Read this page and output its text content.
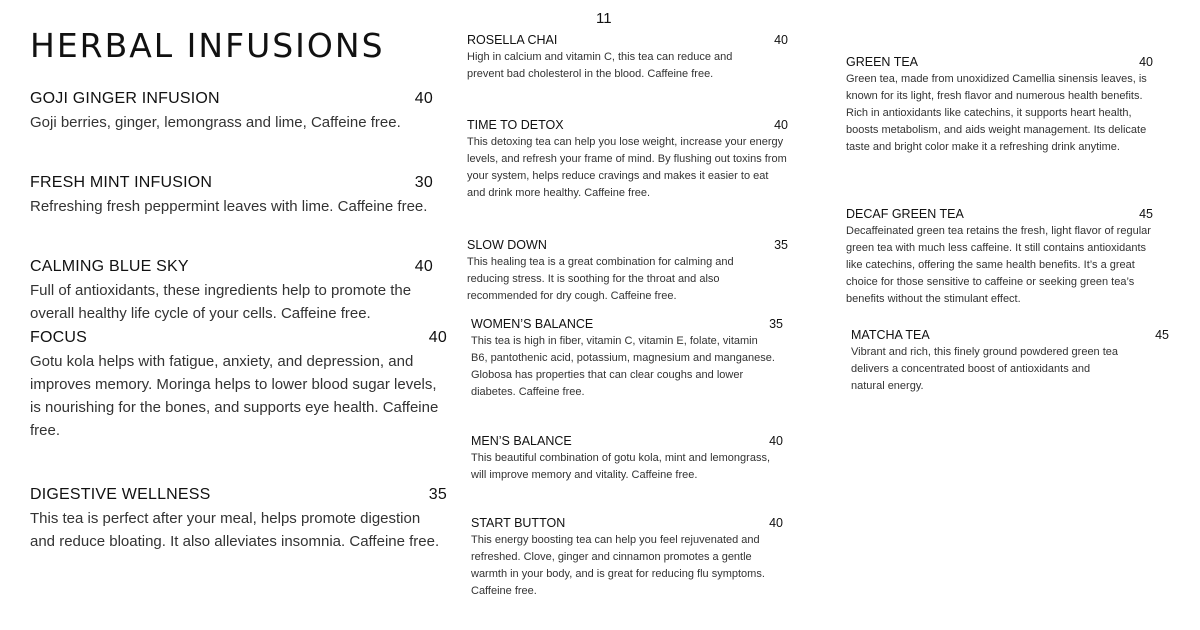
11
HERBAL INFUSIONS
GOJI GINGER INFUSION	40

Goji berries, ginger, lemongrass and lime, Caffeine free.

FRESH MINT INFUSION	30

Refreshing fresh peppermint leaves with lime. Caffeine free.

CALMING BLUE SKY	40

Full of antioxidants, these ingredients help to promote the overall healthy life cycle of your cells. Caffeine free.

FOCUS	40

Gotu kola helps with fatigue, anxiety, and depression, and improves memory. Moringa helps to lower blood sugar levels, is nourishing for the bones, and supports eye health. Caffeine free.

DIGESTIVE WELLNESS	35

This tea is perfect after your meal, helps promote digestion and reduce bloating. It also alleviates insomnia. Caffeine free.

ROSELLA CHAI	40

High in calcium and vitamin C, this tea can reduce and prevent bad cholesterol in the blood. Caffeine free.

TIME TO DETOX	40

This detoxing tea can help you lose weight, increase your energy levels, and refresh your frame of mind. By flushing out toxins from your system, helps reduce cravings and makes it easier to eat and drink more healthy. Caffeine free.

SLOW DOWN	35

This healing tea is a great combination for calming and reducing stress. It is soothing for the throat and also recommended for dry cough. Caffeine free.

WOMEN’S BALANCE	35

This tea is high in fiber, vitamin C, vitamin E, folate, vitamin B6, pantothenic acid, potassium, magnesium and manganese. Globosa has properties that can clear coughs and lower diabetes. Caffeine free.

MEN’S BALANCE	40

This beautiful combination of gotu kola, mint and lemongrass, will improve memory and vitality. Caffeine free.

START BUTTON	40

This energy boosting tea can help you feel rejuvenated and refreshed. Clove, ginger and cinnamon promotes a gentle warmth in your body, and is great for reducing flu symptoms. Caffeine free.

GREEN TEA	40

Green tea, made from unoxidized Camellia sinensis leaves, is known for its light, fresh flavor and numerous health benefits. Rich in antioxidants like catechins, it supports heart health, boosts metabolism, and aids weight management. Its delicate taste and bright color make it a refreshing drink anytime.

DECAF GREEN TEA	45

Decaffeinated green tea retains the fresh, light flavor of regular green tea with much less caffeine. It still contains antioxidants like catechins, offering the same health benefits. It’s a great choice for those sensitive to caffeine or seeking green tea’s benefits without the stimulant effect.

MATCHA TEA	45

Vibrant and rich, this finely ground powdered green tea delivers a concentrated boost of antioxidants and natural energy.
